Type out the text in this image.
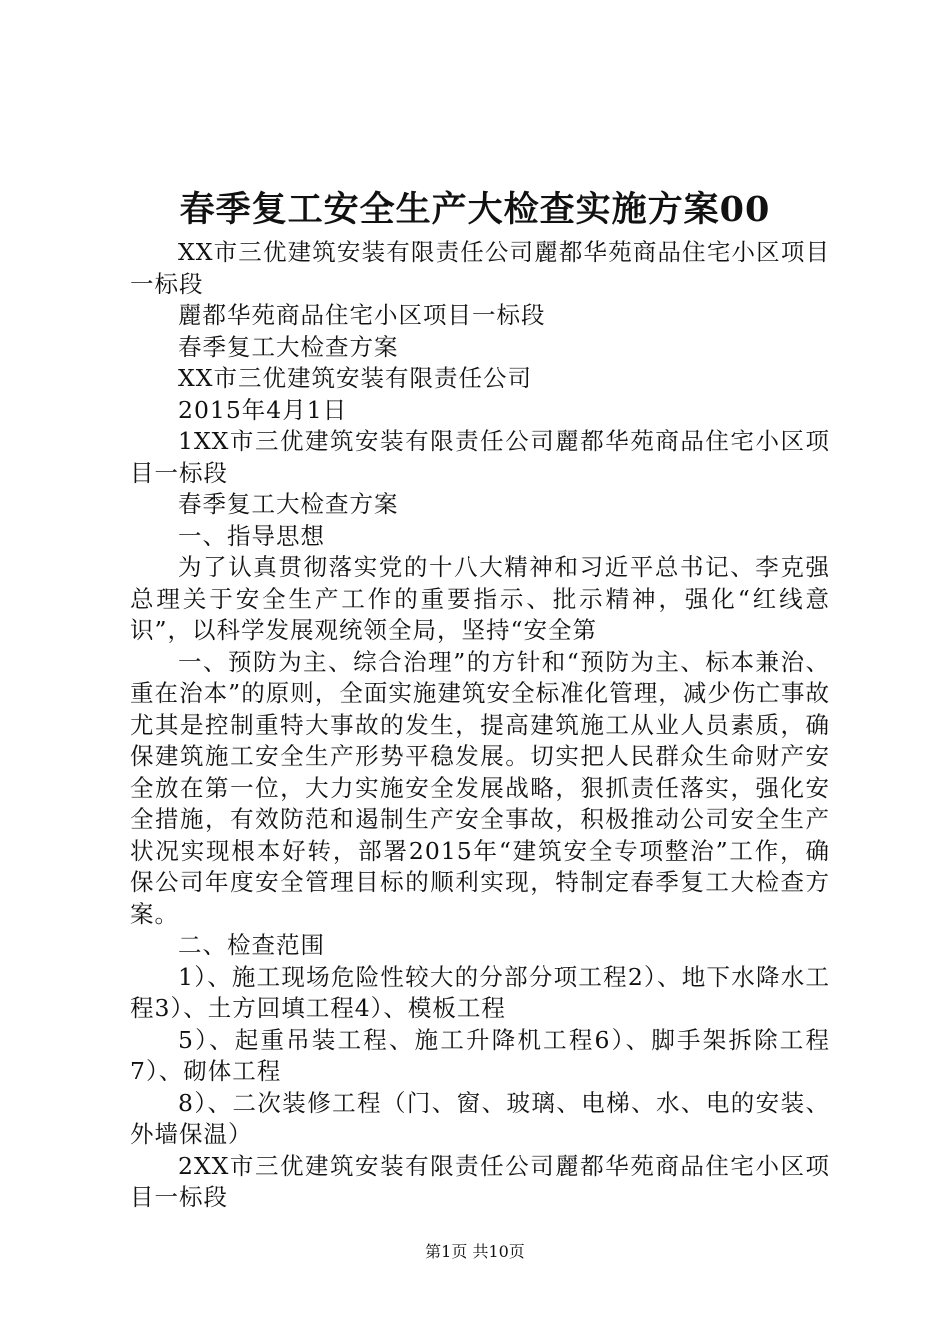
春季复工安全生产大检查实施方案00

XX市三优建筑安装有限责任公司麗都华苑商品住宅小区项目一标段

麗都华苑商品住宅小区项目一标段

春季复工大检查方案

XX市三优建筑安装有限责任公司

2015年4月1日

1XX市三优建筑安装有限责任公司麗都华苑商品住宅小区项目一标段

春季复工大检查方案

一、指导思想

为了认真贯彻落实党的十八大精神和习近平总书记、李克强总理关于安全生产工作的重要指示、批示精神，强化“红线意识”，以科学发展观统领全局，坚持“安全第

一、预防为主、综合治理”的方针和“预防为主、标本兼治、重在治本”的原则，全面实施建筑安全标准化管理，减少伤亡事故尤其是控制重特大事故的发生，提高建筑施工从业人员素质，确保建筑施工安全生产形势平稳发展。切实把人民群众生命财产安全放在第一位，大力实施安全发展战略，狠抓责任落实，强化安全措施，有效防范和遏制生产安全事故，积极推动公司安全生产状况实现根本好转，部署2015年“建筑安全专项整治”工作，确保公司年度安全管理目标的顺利实现，特制定春季复工大检查方案。

二、检查范围

1）、施工现场危险性较大的分部分项工程2）、地下水降水工程3）、土方回填工程4）、模板工程

5）、起重吊装工程、施工升降机工程6）、脚手架拆除工程7）、砌体工程

8）、二次装修工程（门、窗、玻璃、电梯、水、电的安装、外墙保温）

2XX市三优建筑安装有限责任公司麗都华苑商品住宅小区项目一标段

第1页 共10页
